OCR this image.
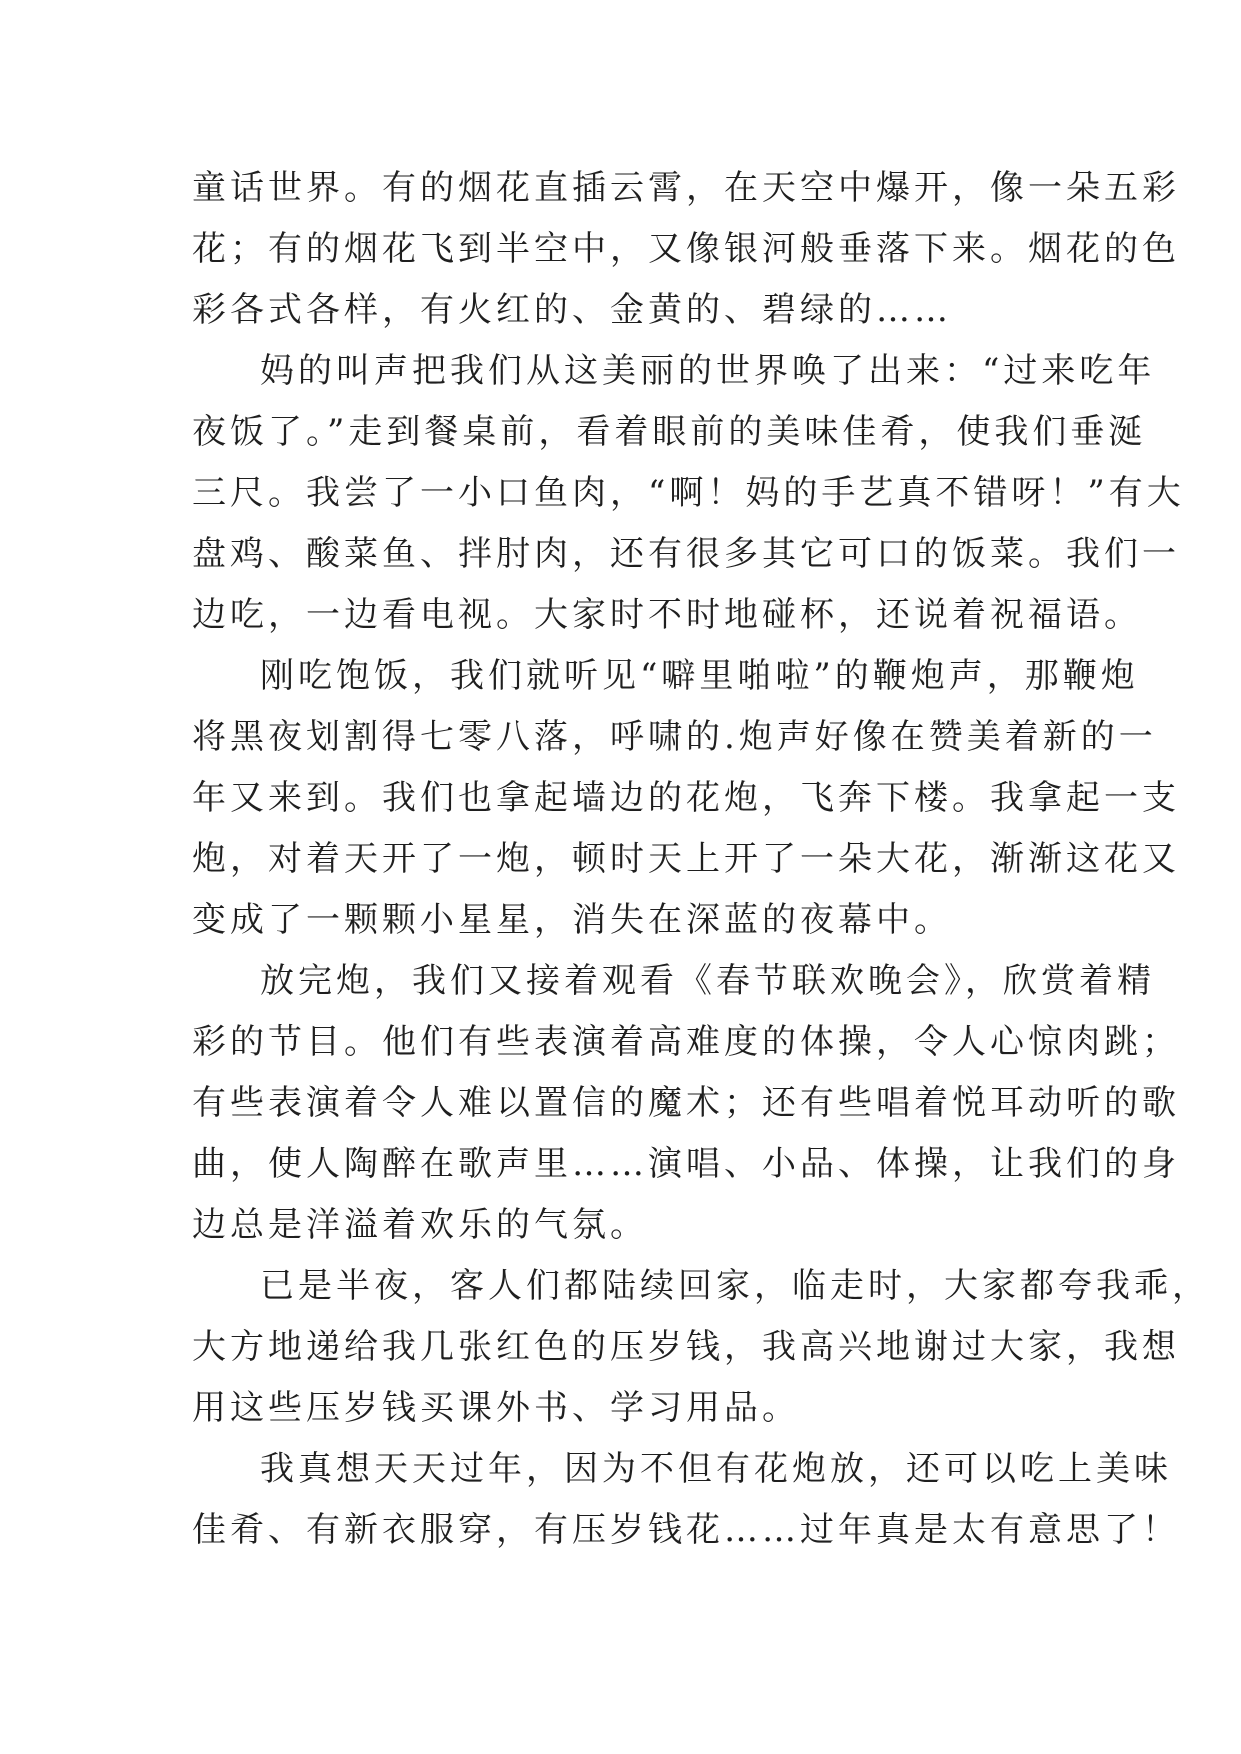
童话世界。有的烟花直插云霄，在天空中爆开，像一朵五彩
花；有的烟花飞到半空中，又像银河般垂落下来。烟花的色
彩各式各样，有火红的、金黄的、碧绿的……
妈的叫声把我们从这美丽的世界唤了出来：“过来吃年
夜饭了。”走到餐桌前，看着眼前的美味佳肴，使我们垂涎
三尺。我尝了一小口鱼肉，“啊！妈的手艺真不错呀！”有大
盘鸡、酸菜鱼、拌肘肉，还有很多其它可口的饭菜。我们一
边吃，一边看电视。大家时不时地碰杯，还说着祝福语。
刚吃饱饭，我们就听见“噼里啪啦”的鞭炮声，那鞭炮
将黑夜划割得七零八落，呼啸的.炮声好像在赞美着新的一
年又来到。我们也拿起墙边的花炮，飞奔下楼。我拿起一支
炮，对着天开了一炮，顿时天上开了一朵大花，渐渐这花又
变成了一颗颗小星星，消失在深蓝的夜幕中。
放完炮，我们又接着观看《春节联欢晚会》，欣赏着精
彩的节目。他们有些表演着高难度的体操，令人心惊肉跳；
有些表演着令人难以置信的魔术；还有些唱着悦耳动听的歌
曲，使人陶醉在歌声里……演唱、小品、体操，让我们的身
边总是洋溢着欢乐的气氛。
已是半夜，客人们都陆续回家，临走时，大家都夸我乖，
大方地递给我几张红色的压岁钱，我高兴地谢过大家，我想
用这些压岁钱买课外书、学习用品。
我真想天天过年，因为不但有花炮放，还可以吃上美味
佳肴、有新衣服穿，有压岁钱花……过年真是太有意思了！
